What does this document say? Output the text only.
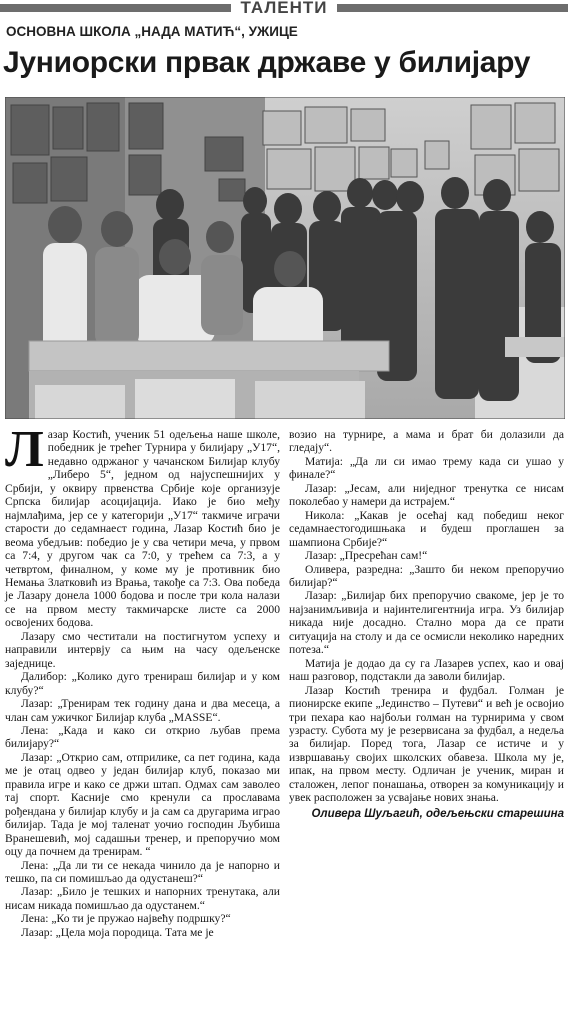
ТАЛЕНТИ
ОСНОВНА ШКОЛА „НАДА МАТИЋ“, УЖИЦЕ
Јуниорски првак државе у билијару

Лазар Костић, ученик 51 одељења наше школе, победник је трећег Турнира у билијару „У17“, недавно одржаног у чачанском Билијар клубу „Либеро 5“, једном од најуспешнијих у Србији, у оквиру првенства Србије које организује Српска билијар асоцијација. Иако је био међу најмлађима, јер се у категорији „У17“ такмиче играчи старости до седамнаест година, Лазар Костић био је веома убедљив: победио је у сва четири меча, у првом са 7:4, у другом чак са 7:0, у трећем са 7:3, а у четвртом, финалном, у коме му је противник био Немања Златковић из Врања, такође са 7:3. Ова победа је Лазару донела 1000 бодова и после три кола налази се на првом месту такмичарске листе са 2000 освојених бодова.

Лазару смо честитали на постигнутом успеху и направили интервју са њим на часу одељенске заједнице.

Далибор: „Колико дуго тренираш билијар и у ком клубу?“

Лазар: „Тренирам тек годину дана и два месеца, а члан сам ужичког Билијар клуба „MASSE“.

Лена: „Када и како си открио љубав према билијару?“

Лазар: „Открио сам, отприлике, са пет година, када ме је отац одвео у један билијар клуб, показао ми правила игре и како се држи штап. Одмах сам заволео тај спорт. Касније смо кренули са прославама рођендана у билијар клубу и ја сам са другарима играо билијар. Тада је мој таленат уочио господин Љубиша Вранешевић, мој садашњи тренер, и препоручио мом оцу да почнем да тренирам. “

Лена: „Да ли ти се некада чинило да је напорно и тешко, па си помишљао да одустанеш?“

Лазар: „Било је тешких и напорних тренутака, али нисам никада помишљао да одустанем.“

Лена: „Ко ти је пружао највећу подршку?“

Лазар: „Цела моја породица. Тата ме је

возио на турнире, а мама и брат би долазили да гледају“.

Матија: „Да ли си имао трему када си ушао у финале?“

Лазар: „Јесам, али ниједног тренутка се нисам поколебао у намери да истрајем.“

Никола: „Какав је осећај кад победиш неког седамнаестогодишњака и будеш проглашен за шампиона Србије?“

Лазар: „Пресрећан сам!“

Оливера, разредна: „Зашто би неком препоручио билијар?“

Лазар: „Билијар бих препоручио свакоме, јер је то најзанимљивија и најинтелигентнија игра. Уз билијар никада није досадно. Стално мора да се прати ситуација на столу и да се осмисли неколико наредних потеза.“

Матија је додао да су га Лазарев успех, као и овај наш разговор, подстакли да заволи билијар.

Лазар Костић тренира и фудбал. Голман је пионирске екипе „Јединство – Путеви“ и већ је освојио три пехара као најбољи голман на турнирима у свом узрасту. Субота му је резервисана за фудбал, а недеља за билијар. Поред тога, Лазар се истиче и у извршавању својих школских обавеза. Школа му је, ипак, на првом месту. Одличан је ученик, миран и сталожен, лепог понашања, отворен за комуникацију и увек расположен за усвајање нових знања.

Оливера Шуљагић, одељењски старешина
